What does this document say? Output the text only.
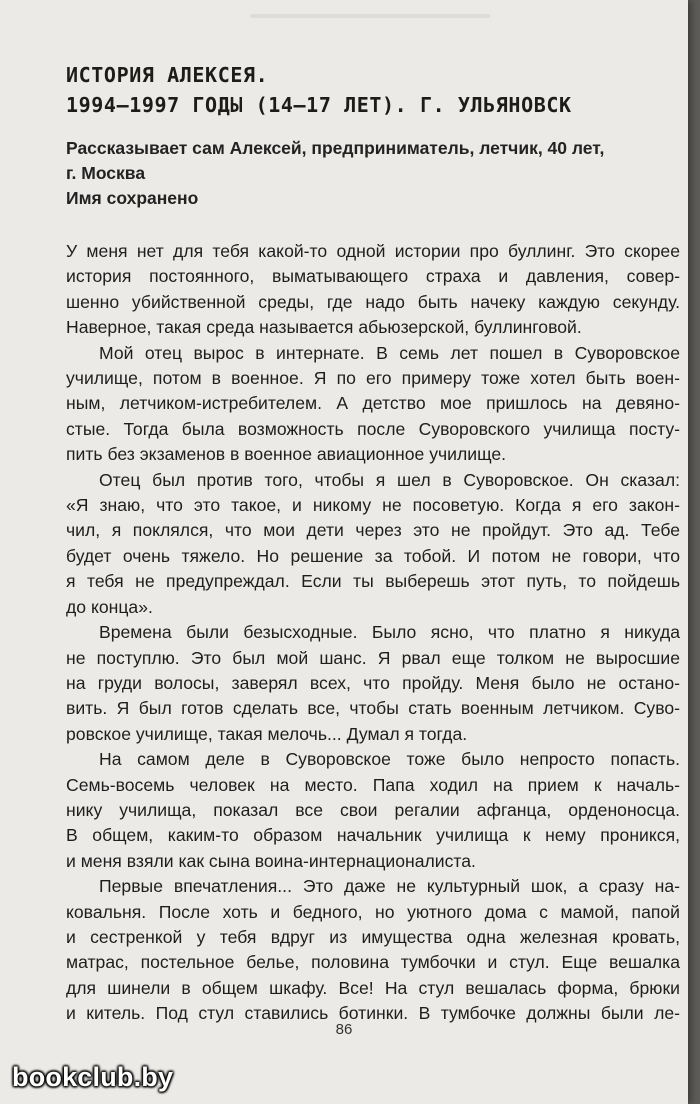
ИСТОРИЯ АЛЕКСЕЯ.
1994–1997 ГОДЫ (14–17 ЛЕТ). Г. УЛЬЯНОВСК
Рассказывает сам Алексей, предприниматель, летчик, 40 лет,
г. Москва
Имя сохранено
У меня нет для тебя какой-то одной истории про буллинг. Это скорее
история постоянного, выматывающего страха и давления, совер-
шенно убийственной среды, где надо быть начеку каждую секунду.
Наверное, такая среда называется абьюзерской, буллинговой.
Мой отец вырос в интернате. В семь лет пошел в Суворовское
училище, потом в военное. Я по его примеру тоже хотел быть воен-
ным, летчиком-истребителем. А детство мое пришлось на девяно-
стые. Тогда была возможность после Суворовского училища посту-
пить без экзаменов в военное авиационное училище.
Отец был против того, чтобы я шел в Суворовское. Он сказал:
«Я знаю, что это такое, и никому не посоветую. Когда я его закон-
чил, я поклялся, что мои дети через это не пройдут. Это ад. Тебе
будет очень тяжело. Но решение за тобой. И потом не говори, что
я тебя не предупреждал. Если ты выберешь этот путь, то пойдешь
до конца».
Времена были безысходные. Было ясно, что платно я никуда
не поступлю. Это был мой шанс. Я рвал еще толком не выросшие
на груди волосы, заверял всех, что пройду. Меня было не остано-
вить. Я был готов сделать все, чтобы стать военным летчиком. Суво-
ровское училище, такая мелочь... Думал я тогда.
На самом деле в Суворовское тоже было непросто попасть.
Семь-восемь человек на место. Папа ходил на прием к началь-
нику училища, показал все свои регалии афганца, орденоносца.
В общем, каким-то образом начальник училища к нему проникся,
и меня взяли как сына воина-интернационалиста.
Первые впечатления... Это даже не культурный шок, а сразу на-
ковальня. После хоть и бедного, но уютного дома с мамой, папой
и сестренкой у тебя вдруг из имущества одна железная кровать,
матрас, постельное белье, половина тумбочки и стул. Еще вешалка
для шинели в общем шкафу. Все! На стул вешалась форма, брюки
и китель. Под стул ставились ботинки. В тумбочке должны были ле-
86
bookclub.by
